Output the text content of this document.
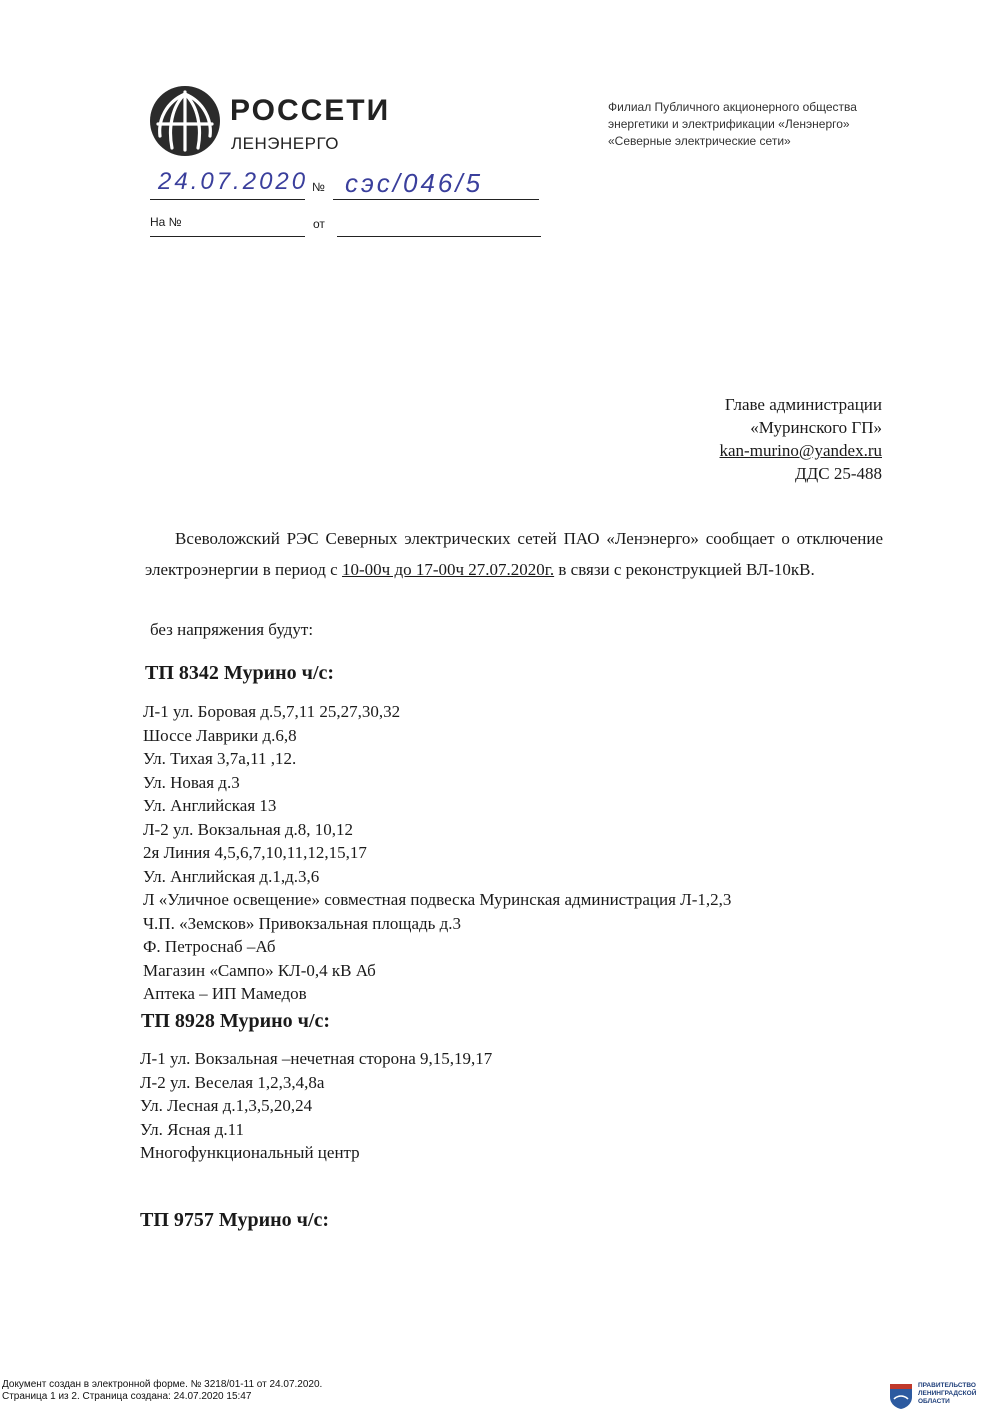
РОССЕТИ
ЛЕНЭНЕРГО
Филиал Публичного акционерного общества
энергетики и электрификации «Ленэнерго»
«Северные электрические сети»
24.07.2020 № сэс/046/5
На №	от
Главе администрации
«Муринского ГП»
kan-murino@yandex.ru
ДДС 25-488
Всеволожский РЭС Северных электрических сетей ПАО «Ленэнерго» сообщает о отключение электроэнергии в период с 10-00ч до 17-00ч 27.07.2020г. в связи с реконструкцией ВЛ-10кВ.
без напряжения будут:
ТП 8342 Мурино ч/с:
Л-1 ул. Боровая д.5,7,11 25,27,30,32
Шоссе Лаврики д.6,8
Ул. Тихая 3,7а,11 ,12.
Ул. Новая д.3
Ул. Английская 13
Л-2 ул. Вокзальная д.8, 10,12
2я Линия 4,5,6,7,10,11,12,15,17
Ул. Английская д.1,д.3,6
Л «Уличное освещение» совместная подвеска Муринская администрация Л-1,2,3
Ч.П. «Земсков» Привокзальная площадь д.3
Ф. Петроснаб –Аб
Магазин «Сампо» КЛ-0,4 кВ Аб
Аптека – ИП Мамедов
ТП 8928 Мурино ч/с:
Л-1 ул. Вокзальная –нечетная сторона 9,15,19,17
Л-2 ул. Веселая 1,2,3,4,8а
Ул. Лесная д.1,3,5,20,24
Ул. Ясная д.11
Многофункциональный центр
ТП 9757 Мурино ч/с:
Документ создан в электронной форме. № 3218/01-11 от 24.07.2020.
Страница 1 из 2. Страница создана: 24.07.2020 15:47
ПРАВИТЕЛЬСТВО
ЛЕНИНГРАДСКОЙ
ОБЛАСТИ
